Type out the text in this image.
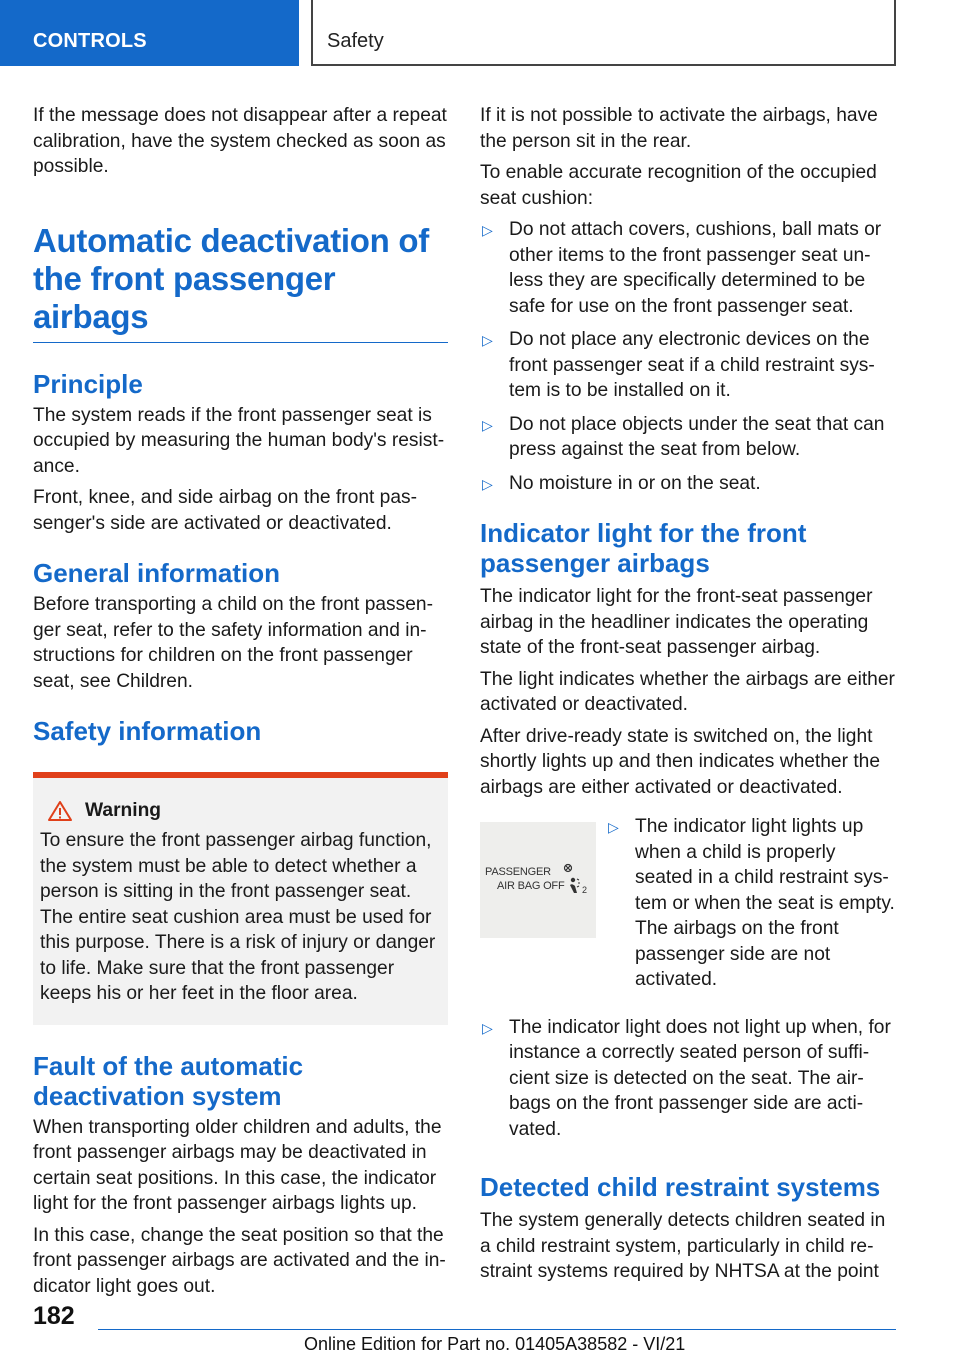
CONTROLS	Safety

If the message does not disappear after a repeat calibration, have the system checked as soon as possible.

Automatic deactivation of the front passenger airbags
Principle

The system reads if the front passenger seat is occupied by measuring the human body's resist-ance.

Front, knee, and side airbag on the front pas-senger's side are activated or deactivated.

General information

Before transporting a child on the front passen-ger seat, refer to the safety information and in-structions for children on the front passenger seat, see Children.

Safety information
Warning

To ensure the front passenger airbag function, the system must be able to detect whether a person is sitting in the front passenger seat. The entire seat cushion area must be used for this purpose. There is a risk of injury or danger to life. Make sure that the front passenger keeps his or her feet in the floor area.

Fault of the automatic deactivation system

When transporting older children and adults, the front passenger airbags may be deactivated in certain seat positions. In this case, the indicator light for the front passenger airbags lights up.

In this case, change the seat position so that the front passenger airbags are activated and the in-dicator light goes out.

If it is not possible to activate the airbags, have the person sit in the rear.

To enable accurate recognition of the occupied seat cushion:

▷ Do not attach covers, cushions, ball mats or other items to the front passenger seat un-less they are specifically determined to be safe for use on the front passenger seat.
▷ Do not place any electronic devices on the front passenger seat if a child restraint sys-tem is to be installed on it.
▷ Do not place objects under the seat that can press against the seat from below.
▷ No moisture in or on the seat.
Indicator light for the front passenger airbags

The indicator light for the front-seat passenger airbag in the headliner indicates the operating state of the front-seat passenger airbag.

The light indicates whether the airbags are either activated or deactivated.

After drive-ready state is switched on, the light shortly lights up and then indicates whether the airbags are either activated or deactivated.

PASSENGER
AIR BAG OFF 2
▷ The indicator light lights up when a child is properly seated in a child restraint sys-tem or when the seat is empty. The airbags on the front passenger side are not activated.
▷ The indicator light does not light up when, for instance a correctly seated person of suffi-cient size is detected on the seat. The air-bags on the front passenger side are acti-vated.
Detected child restraint systems

The system generally detects children seated in a child restraint system, particularly in child re-straint systems required by NHTSA at the point

182
Online Edition for Part no. 01405A38582 - VI/21
